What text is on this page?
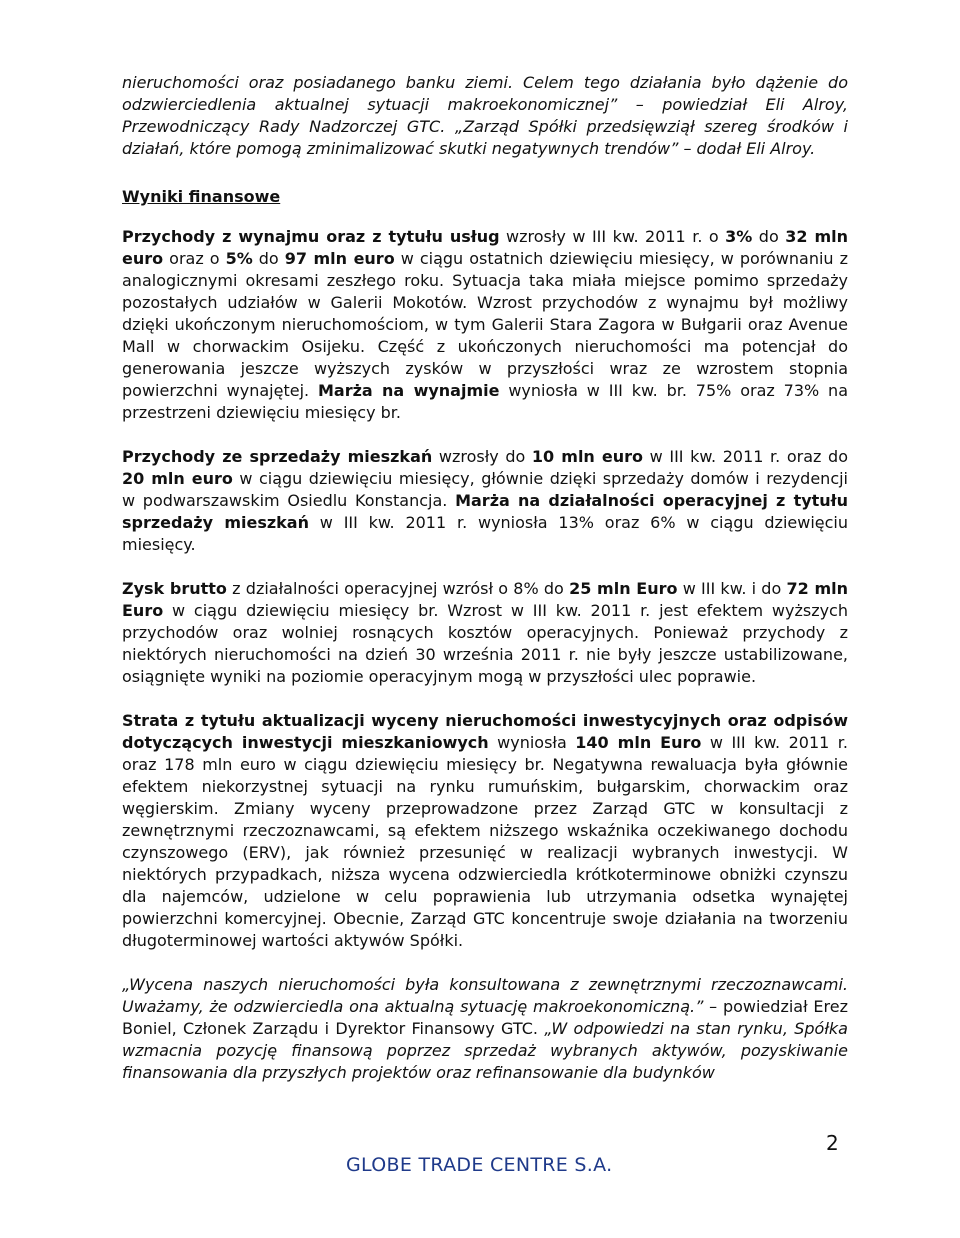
nieruchomości oraz posiadanego banku ziemi. Celem tego działania było dążenie do odzwierciedlenia aktualnej sytuacji makroekonomicznej” – powiedział Eli Alroy, Przewodniczący Rady Nadzorczej GTC. „Zarząd Spółki przedsięwziął szereg środków i działań, które pomogą zminimalizować skutki negatywnych trendów” – dodał Eli Alroy.

Wyniki finansowe

Przychody z wynajmu oraz z tytułu usług wzrosły w III kw. 2011 r. o 3% do 32 mln euro oraz o 5% do 97 mln euro w ciągu ostatnich dziewięciu miesięcy, w porównaniu z analogicznymi okresami zeszłego roku. Sytuacja taka miała miejsce pomimo sprzedaży pozostałych udziałów w Galerii Mokotów. Wzrost przychodów z wynajmu był możliwy dzięki ukończonym nieruchomościom, w tym Galerii Stara Zagora w Bułgarii oraz Avenue Mall w chorwackim Osijeku. Część z ukończonych nieruchomości ma potencjał do generowania jeszcze wyższych zysków w przyszłości wraz ze wzrostem stopnia powierzchni wynajętej. Marża na wynajmie wyniosła w III kw. br. 75% oraz 73% na przestrzeni dziewięciu miesięcy br.

Przychody ze sprzedaży mieszkań wzrosły do 10 mln euro w III kw. 2011 r. oraz do 20 mln euro w ciągu dziewięciu miesięcy, głównie dzięki sprzedaży domów i rezydencji w podwarszawskim Osiedlu Konstancja. Marża na działalności operacyjnej z tytułu sprzedaży mieszkań w III kw. 2011 r. wyniosła 13% oraz 6% w ciągu dziewięciu miesięcy.

Zysk brutto z działalności operacyjnej wzrósł o 8% do 25 mln Euro w III kw. i do 72 mln Euro w ciągu dziewięciu miesięcy br. Wzrost w III kw. 2011 r. jest efektem wyższych przychodów oraz wolniej rosnących kosztów operacyjnych. Ponieważ przychody z niektórych nieruchomości na dzień 30 września 2011 r. nie były jeszcze ustabilizowane, osiągnięte wyniki na poziomie operacyjnym mogą w przyszłości ulec poprawie.

Strata z tytułu aktualizacji wyceny nieruchomości inwestycyjnych oraz odpisów dotyczących inwestycji mieszkaniowych wyniosła 140 mln Euro w III kw. 2011 r. oraz 178 mln euro w ciągu dziewięciu miesięcy br. Negatywna rewaluacja była głównie efektem niekorzystnej sytuacji na rynku rumuńskim, bułgarskim, chorwackim oraz węgierskim. Zmiany wyceny przeprowadzone przez Zarząd GTC w konsultacji z zewnętrznymi rzeczoznawcami, są efektem niższego wskaźnika oczekiwanego dochodu czynszowego (ERV), jak również przesunięć w realizacji wybranych inwestycji. W niektórych przypadkach, niższa wycena odzwierciedla krótkoterminowe obniżki czynszu dla najemców, udzielone w celu poprawienia lub utrzymania odsetka wynajętej powierzchni komercyjnej. Obecnie, Zarząd GTC koncentruje swoje działania na tworzeniu długoterminowej wartości aktywów Spółki.

„Wycena naszych nieruchomości była konsultowana z zewnętrznymi rzeczoznawcami. Uważamy, że odzwierciedla ona aktualną sytuację makroekonomiczną.” – powiedział Erez Boniel, Członek Zarządu i Dyrektor Finansowy GTC. „W odpowiedzi na stan rynku, Spółka wzmacnia pozycję finansową poprzez sprzedaż wybranych aktywów, pozyskiwanie finansowania dla przyszłych projektów oraz refinansowanie dla budynków

2
GLOBE TRADE CENTRE S.A.
